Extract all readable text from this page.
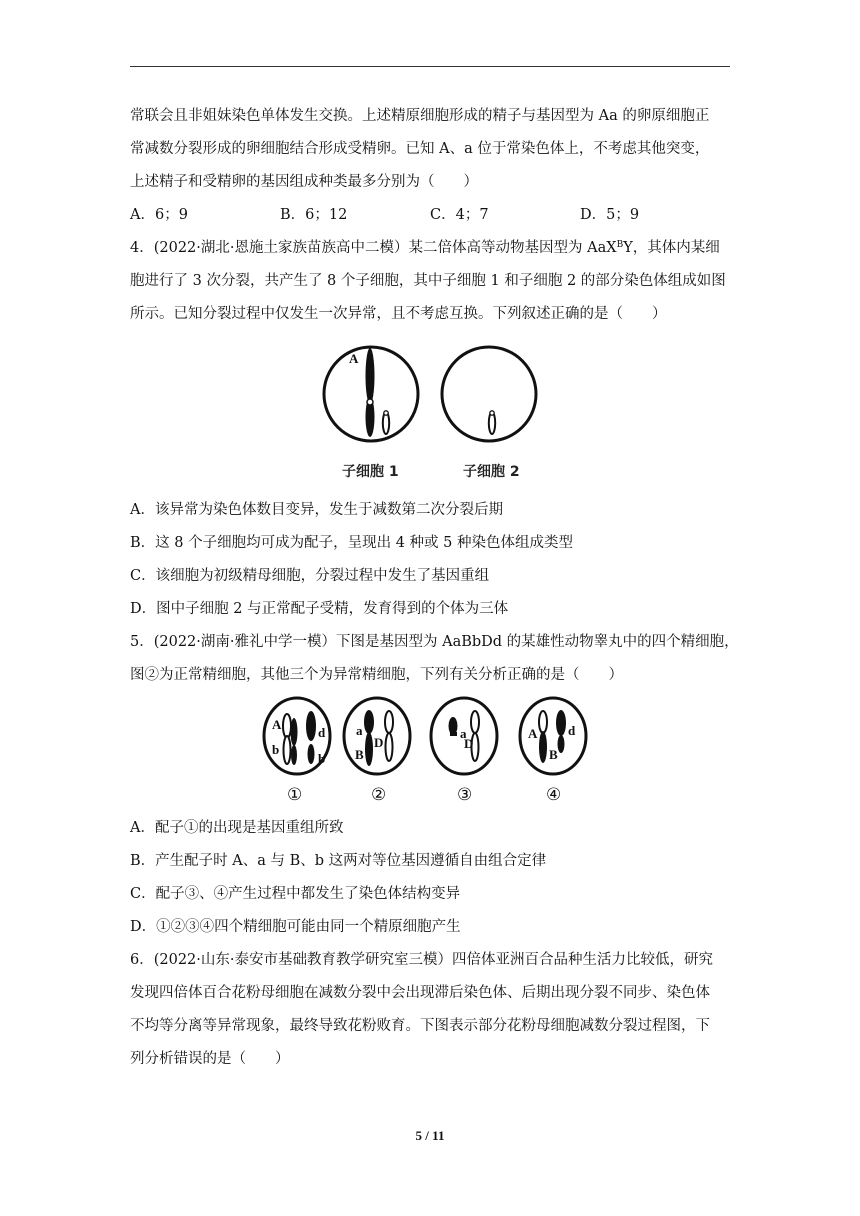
常联会且非姐妹染色单体发生交换。上述精原细胞形成的精子与基因型为 Aa 的卵原细胞正
常减数分裂形成的卵细胞结合形成受精卵。已知 A、a 位于常染色体上，不考虑其他突变，
上述精子和受精卵的基因组成种类最多分别为（　　）
A．6；9	B．6；12	C．4；7	D．5；9
4．(2022·湖北·恩施土家族苗族高中二模）某二倍体高等动物基因型为 AaX$^B$Y，其体内某细
胞进行了 3 次分裂，共产生了 8 个子细胞，其中子细胞 1 和子细胞 2 的部分染色体组成如图
所示。已知分裂过程中仅发生一次异常，且不考虑互换。下列叙述正确的是（　　）
A
子细胞 1	子细胞 2
A．该异常为染色体数目变异，发生于减数第二次分裂后期
B．这 8 个子细胞均可成为配子，呈现出 4 种或 5 种染色体组成类型
C．该细胞为初级精母细胞，分裂过程中发生了基因重组
D．图中子细胞 2 与正常配子受精，发育得到的个体为三体
5．(2022·湖南·雅礼中学一模）下图是基因型为 AaBbDd 的某雄性动物睾丸中的四个精细胞，
图②为正常精细胞，其他三个为异常精细胞，下列有关分析正确的是（　　）
A
b
d
b
a
B
D
a
D
A
B
d
①	②	③	④
A．配子①的出现是基因重组所致
B．产生配子时 A、a 与 B、b 这两对等位基因遵循自由组合定律
C．配子③、④产生过程中都发生了染色体结构变异
D．①②③④四个精细胞可能由同一个精原细胞产生
6．(2022·山东·泰安市基础教育教学研究室三模）四倍体亚洲百合品种生活力比较低，研究
发现四倍体百合花粉母细胞在减数分裂中会出现滞后染色体、后期出现分裂不同步、染色体
不均等分离等异常现象，最终导致花粉败育。下图表示部分花粉母细胞减数分裂过程图，下
列分析错误的是（　　）
5 / 11
